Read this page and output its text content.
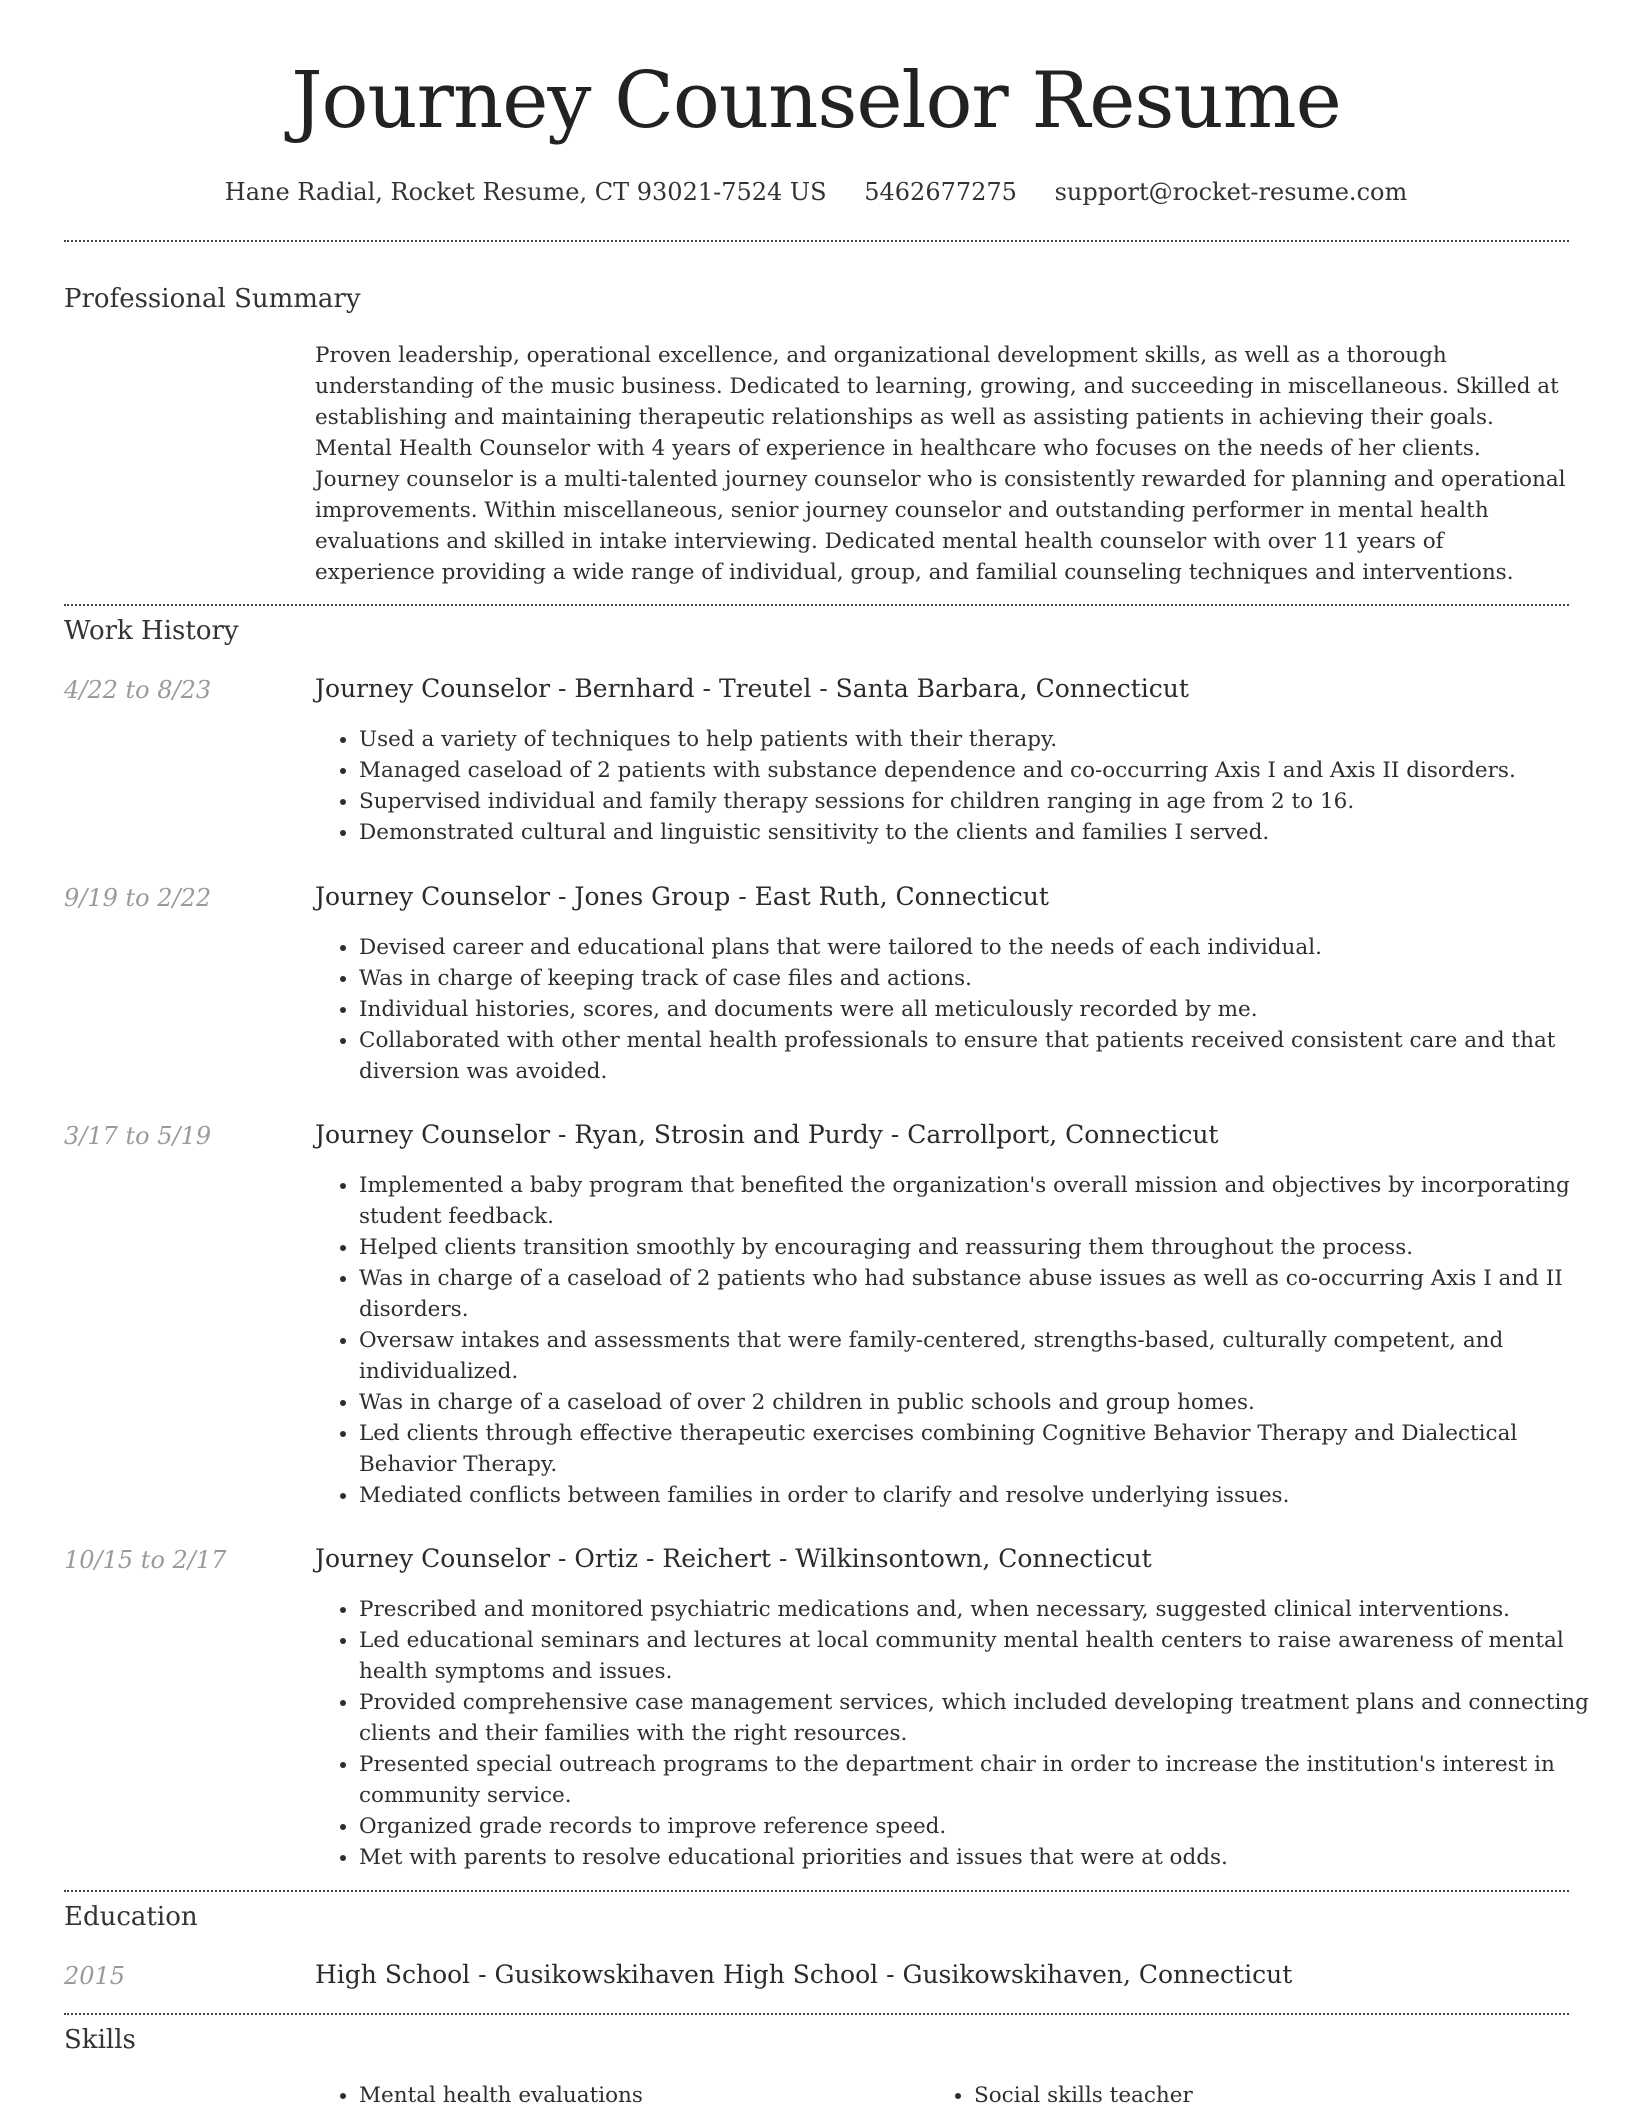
Journey Counselor Resume
Hane Radial, Rocket Resume, CT 93021-7524 US 5462677275 support@rocket-resume.com
Professional Summary

Proven leadership, operational excellence, and organizational development skills, as well as a thorough understanding of the music business. Dedicated to learning, growing, and succeeding in miscellaneous. Skilled at establishing and maintaining therapeutic relationships as well as assisting patients in achieving their goals. Mental Health Counselor with 4 years of experience in healthcare who focuses on the needs of her clients. Journey counselor is a multi-talented journey counselor who is consistently rewarded for planning and operational improvements. Within miscellaneous, senior journey counselor and outstanding performer in mental health evaluations and skilled in intake interviewing. Dedicated mental health counselor with over 11 years of experience providing a wide range of individual, group, and familial counseling techniques and interventions.

Work History
4/22 to 8/23	Journey Counselor - Bernhard - Treutel - Santa Barbara, Connecticut
• Used a variety of techniques to help patients with their therapy.
• Managed caseload of 2 patients with substance dependence and co-occurring Axis I and Axis II disorders.
• Supervised individual and family therapy sessions for children ranging in age from 2 to 16.
• Demonstrated cultural and linguistic sensitivity to the clients and families I served.
9/19 to 2/22	Journey Counselor - Jones Group - East Ruth, Connecticut
• Devised career and educational plans that were tailored to the needs of each individual.
• Was in charge of keeping track of case files and actions.
• Individual histories, scores, and documents were all meticulously recorded by me.
• Collaborated with other mental health professionals to ensure that patients received consistent care and that diversion was avoided.
3/17 to 5/19	Journey Counselor - Ryan, Strosin and Purdy - Carrollport, Connecticut
• Implemented a baby program that benefited the organization's overall mission and objectives by incorporating student feedback.
• Helped clients transition smoothly by encouraging and reassuring them throughout the process.
• Was in charge of a caseload of 2 patients who had substance abuse issues as well as co-occurring Axis I and II disorders.
• Oversaw intakes and assessments that were family-centered, strengths-based, culturally competent, and individualized.
• Was in charge of a caseload of over 2 children in public schools and group homes.
• Led clients through effective therapeutic exercises combining Cognitive Behavior Therapy and Dialectical Behavior Therapy.
• Mediated conflicts between families in order to clarify and resolve underlying issues.
10/15 to 2/17	Journey Counselor - Ortiz - Reichert - Wilkinsontown, Connecticut
• Prescribed and monitored psychiatric medications and, when necessary, suggested clinical interventions.
• Led educational seminars and lectures at local community mental health centers to raise awareness of mental health symptoms and issues.
• Provided comprehensive case management services, which included developing treatment plans and connecting clients and their families with the right resources.
• Presented special outreach programs to the department chair in order to increase the institution's interest in community service.
• Organized grade records to improve reference speed.
• Met with parents to resolve educational priorities and issues that were at odds.
Education
2015	High School - Gusikowskihaven High School - Gusikowskihaven, Connecticut
Skills
• Mental health evaluations
•	Social skills teacher
